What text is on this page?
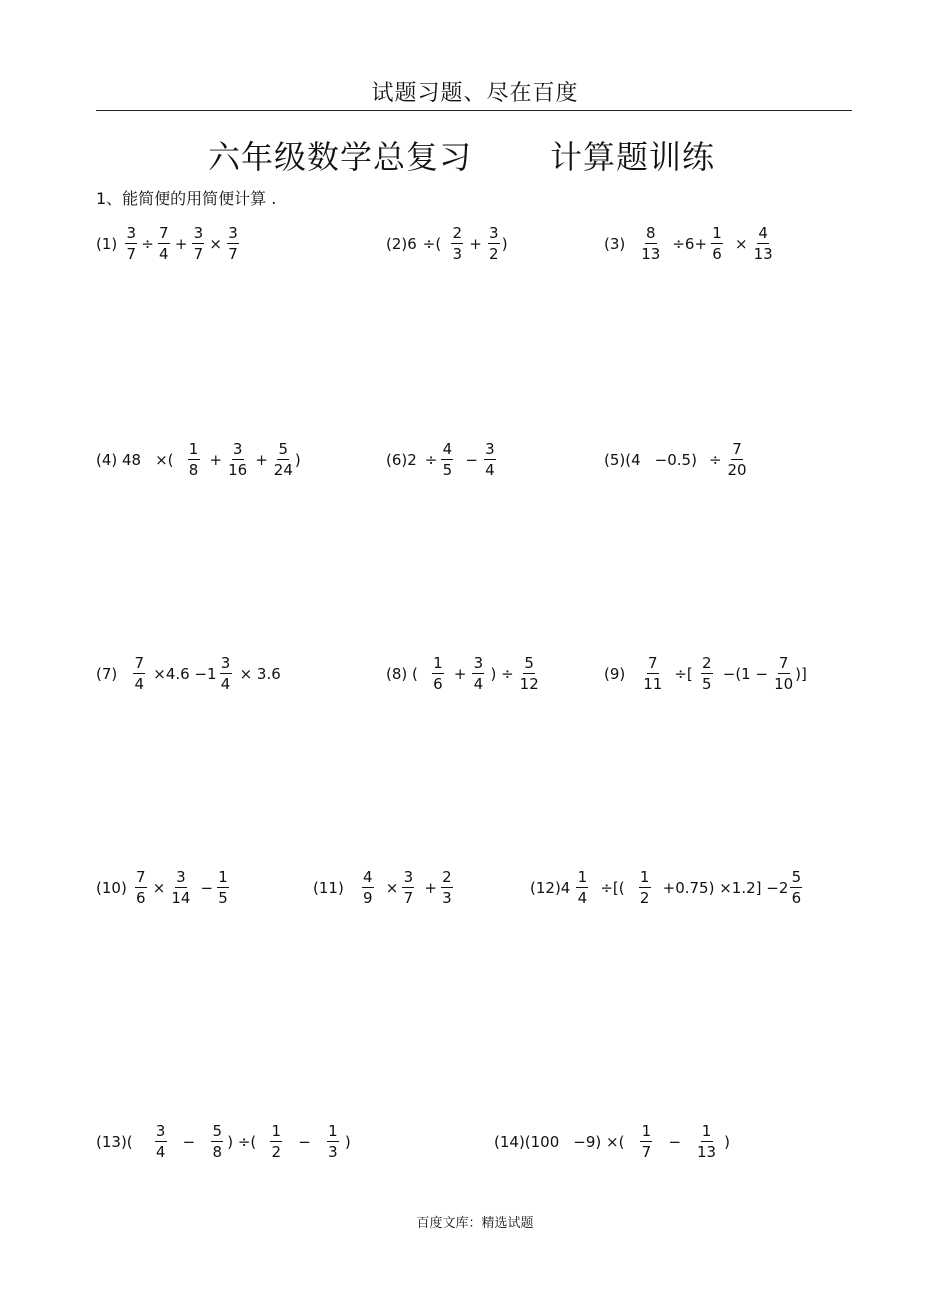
试题习题、尽在百度
六年级数学总复习 计算题训练
1、能简便的用简便计算 .
$(1) \frac{3}{7} \div \frac{7}{4} + \frac{3}{7} \times \frac{3}{7}$	(2)6 ÷( $\frac{2}{3} + \frac{3}{2}$ )	$(3) \frac{8}{13} \div 6+ \frac{1}{6} \times \frac{4}{13}$
(4) 48 ×( $\frac{1}{8} + \frac{3}{16} + \frac{5}{24}$ )	$(6)2 \div \frac{4}{5} - \frac{3}{4}$	$(5)(4 -0.5) \div \frac{7}{20}$
$(7) \frac{7}{4} \times 4.6 -1 \frac{3}{4} \times 3.6$	(8) ( $\frac{1}{6} + \frac{3}{4}$ ) ÷ $\frac{5}{12}$	$(9) \frac{7}{11}$ ÷[ $\frac{2}{5} -(1 - \frac{7}{10}$ )]
$(10) \frac{7}{6} \times \frac{3}{14} - \frac{1}{5}$	$(11) \frac{4}{9} \times \frac{3}{7} + \frac{2}{3}$	$(12)4 \frac{1}{4}$ ÷[( $\frac{1}{2} +0.75) \times 1.2] -2 \frac{5}{6}$
$(13)( \frac{3}{4} - \frac{5}{8}$ ) ÷( $\frac{1}{2} - \frac{1}{3}$ )	(14)(100 −9) ×( $\frac{1}{7} - \frac{1}{13}$ )
百度文库：精选试题
